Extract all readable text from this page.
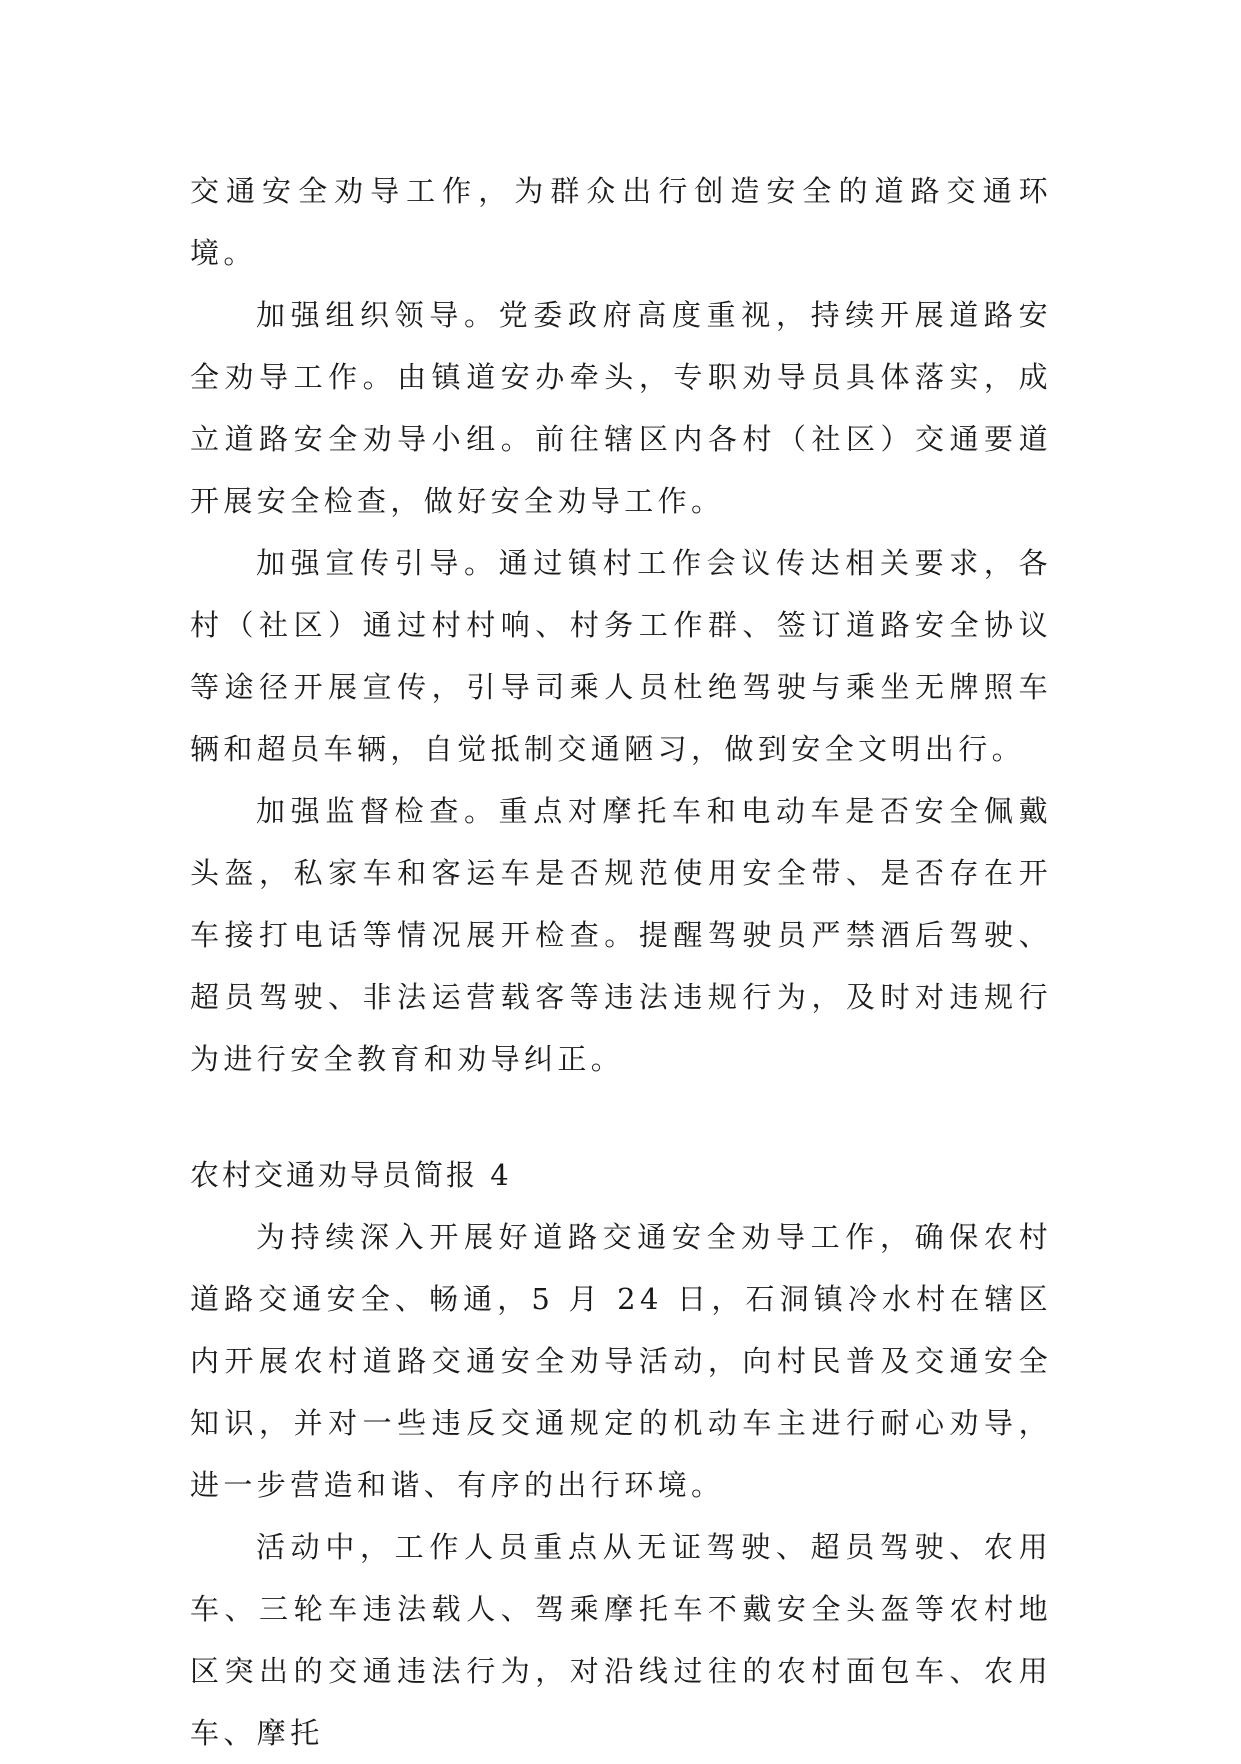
交通安全劝导工作，为群众出行创造安全的道路交通环境。

加强组织领导。党委政府高度重视，持续开展道路安全劝导工作。由镇道安办牵头，专职劝导员具体落实，成立道路安全劝导小组。前往辖区内各村（社区）交通要道开展安全检查，做好安全劝导工作。

加强宣传引导。通过镇村工作会议传达相关要求，各村（社区）通过村村响、村务工作群、签订道路安全协议等途径开展宣传，引导司乘人员杜绝驾驶与乘坐无牌照车辆和超员车辆，自觉抵制交通陋习，做到安全文明出行。

加强监督检查。重点对摩托车和电动车是否安全佩戴头盔，私家车和客运车是否规范使用安全带、是否存在开车接打电话等情况展开检查。提醒驾驶员严禁酒后驾驶、超员驾驶、非法运营载客等违法违规行为，及时对违规行为进行安全教育和劝导纠正。

农村交通劝导员简报 4

为持续深入开展好道路交通安全劝导工作，确保农村道路交通安全、畅通，5 月 24 日，石洞镇冷水村在辖区内开展农村道路交通安全劝导活动，向村民普及交通安全知识，并对一些违反交通规定的机动车主进行耐心劝导，进一步营造和谐、有序的出行环境。

活动中，工作人员重点从无证驾驶、超员驾驶、农用车、三轮车违法载人、驾乘摩托车不戴安全头盔等农村地区突出的交通违法行为，对沿线过往的农村面包车、农用车、摩托
